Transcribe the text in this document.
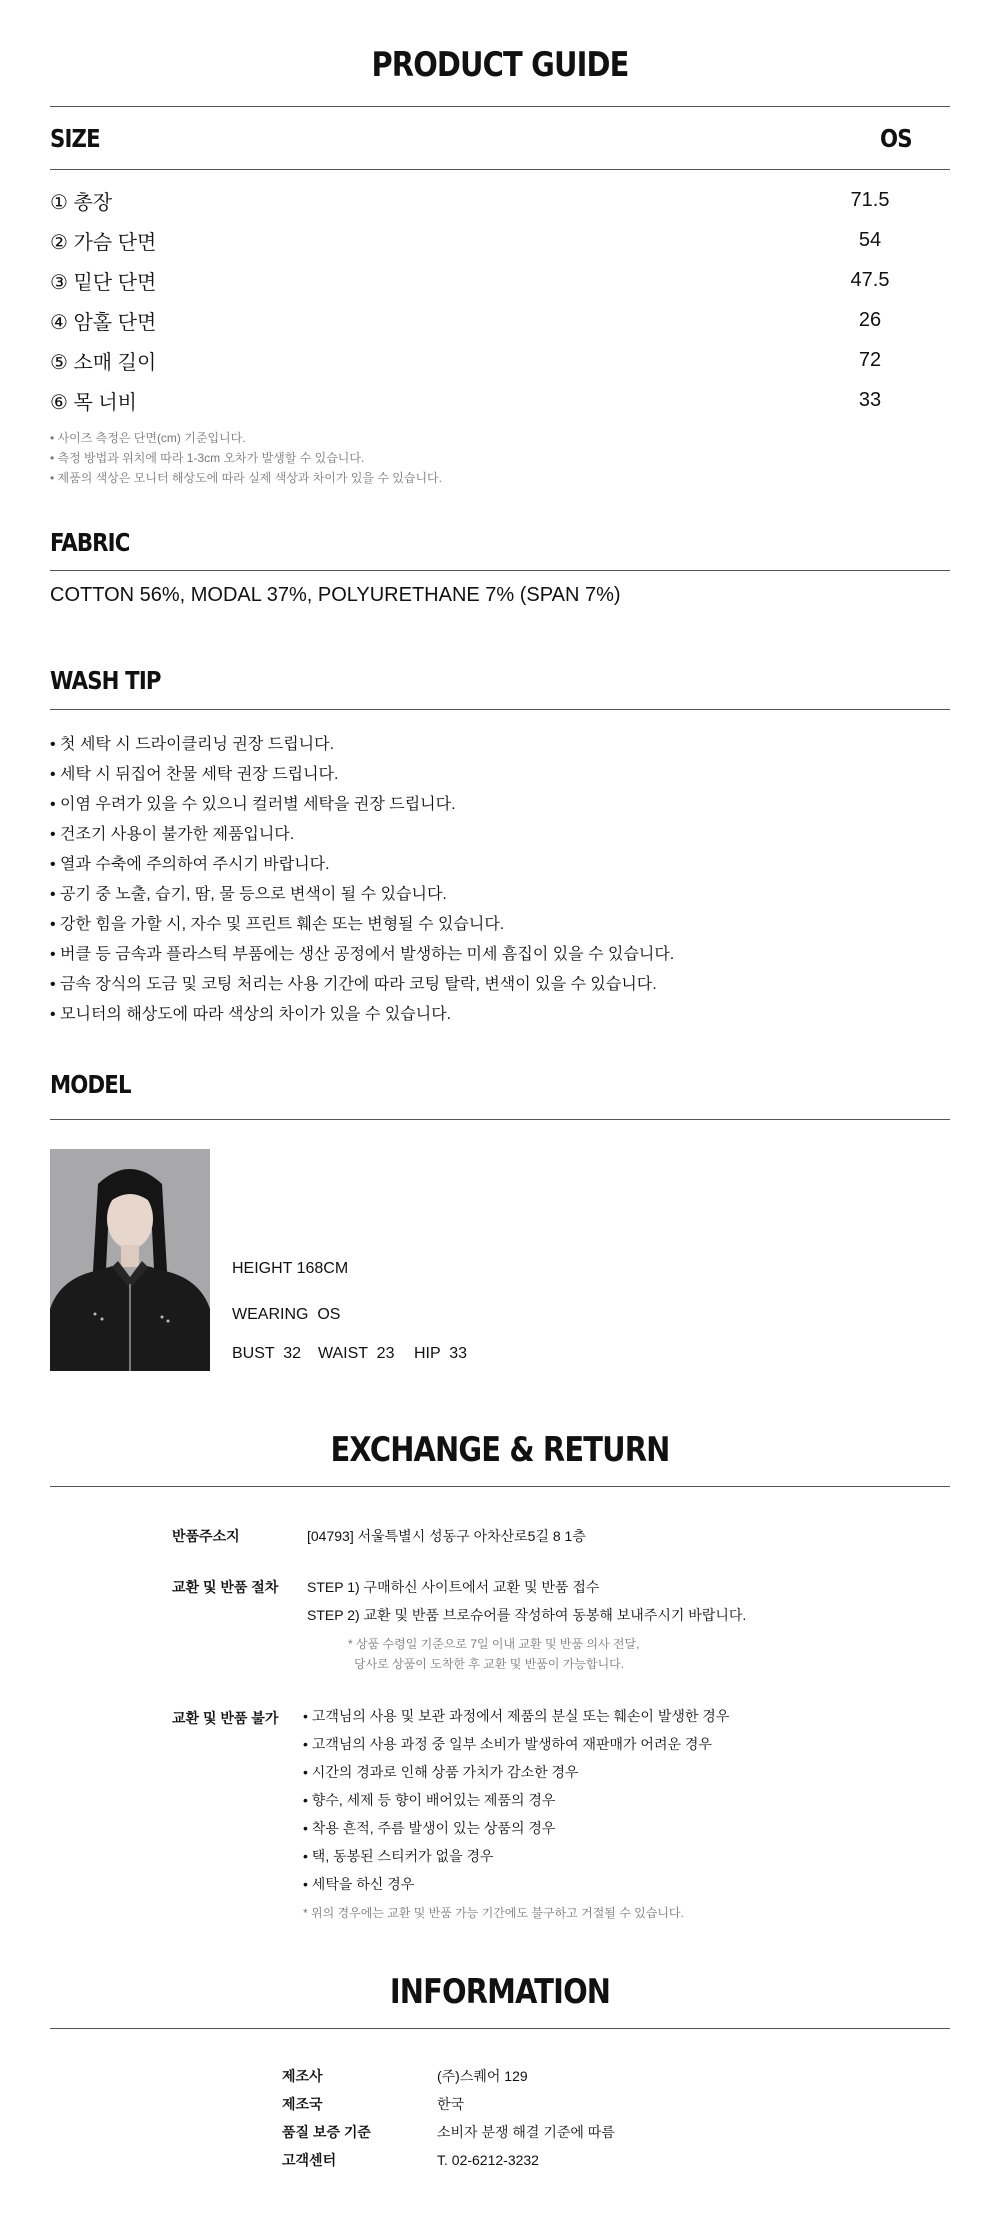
PRODUCT GUIDE
SIZE	OS
① 총장	71.5
② 가슴 단면	54
③ 밑단 단면	47.5
④ 암홀 단면	26
⑤ 소매 길이	72
⑥ 목 너비	33
• 사이즈 측정은 단면(cm) 기준입니다.
• 측정 방법과 위치에 따라 1-3cm 오차가 발생할 수 있습니다.
• 제품의 색상은 모니터 해상도에 따라 실제 색상과 차이가 있을 수 있습니다.
FABRIC
COTTON 56%, MODAL 37%, POLYURETHANE 7% (SPAN 7%)
WASH TIP
• 첫 세탁 시 드라이클리닝 권장 드립니다.
• 세탁 시 뒤집어 찬물 세탁 권장 드립니다.
• 이염 우려가 있을 수 있으니 컬러별 세탁을 권장 드립니다.
• 건조기 사용이 불가한 제품입니다.
• 열과 수축에 주의하여 주시기 바랍니다.
• 공기 중 노출, 습기, 땀, 물 등으로 변색이 될 수 있습니다.
• 강한 힘을 가할 시, 자수 및 프린트 훼손 또는 변형될 수 있습니다.
• 버클 등 금속과 플라스틱 부품에는 생산 공정에서 발생하는 미세 흠집이 있을 수 있습니다.
• 금속 장식의 도금 및 코팅 처리는 사용 기간에 따라 코팅 탈락, 변색이 있을 수 있습니다.
• 모니터의 해상도에 따라 색상의 차이가 있을 수 있습니다.
MODEL
HEIGHT 168CM
WEARING  OS
BUST  32 WAIST  23 HIP  33
EXCHANGE & RETURN
반품주소지	[04793] 서울특별시 성동구 아차산로5길 8 1층
교환 및 반품 절차 STEP 1) 구매하신 사이트에서 교환 및 반품 접수
STEP 2) 교환 및 반품 브로슈어를 작성하여 동봉해 보내주시기 바랍니다.
* 상품 수령일 기준으로 7일 이내 교환 및 반품 의사 전달,
당사로 상품이 도착한 후 교환 및 반품이 가능합니다.
교환 및 반품 불가 • 고객님의 사용 및 보관 과정에서 제품의 분실 또는 훼손이 발생한 경우
• 고객님의 사용 과정 중 일부 소비가 발생하여 재판매가 어려운 경우
• 시간의 경과로 인해 상품 가치가 감소한 경우
• 향수, 세제 등 향이 배어있는 제품의 경우
• 착용 흔적, 주름 발생이 있는 상품의 경우
• 택, 동봉된 스티커가 없을 경우
• 세탁을 하신 경우
* 위의 경우에는 교환 및 반품 가능 기간에도 불구하고 거절될 수 있습니다.
INFORMATION
제조사	(주)스퀘어 129
제조국	한국
품질 보증 기준	소비자 분쟁 해결 기준에 따름
고객센터	T. 02-6212-3232
